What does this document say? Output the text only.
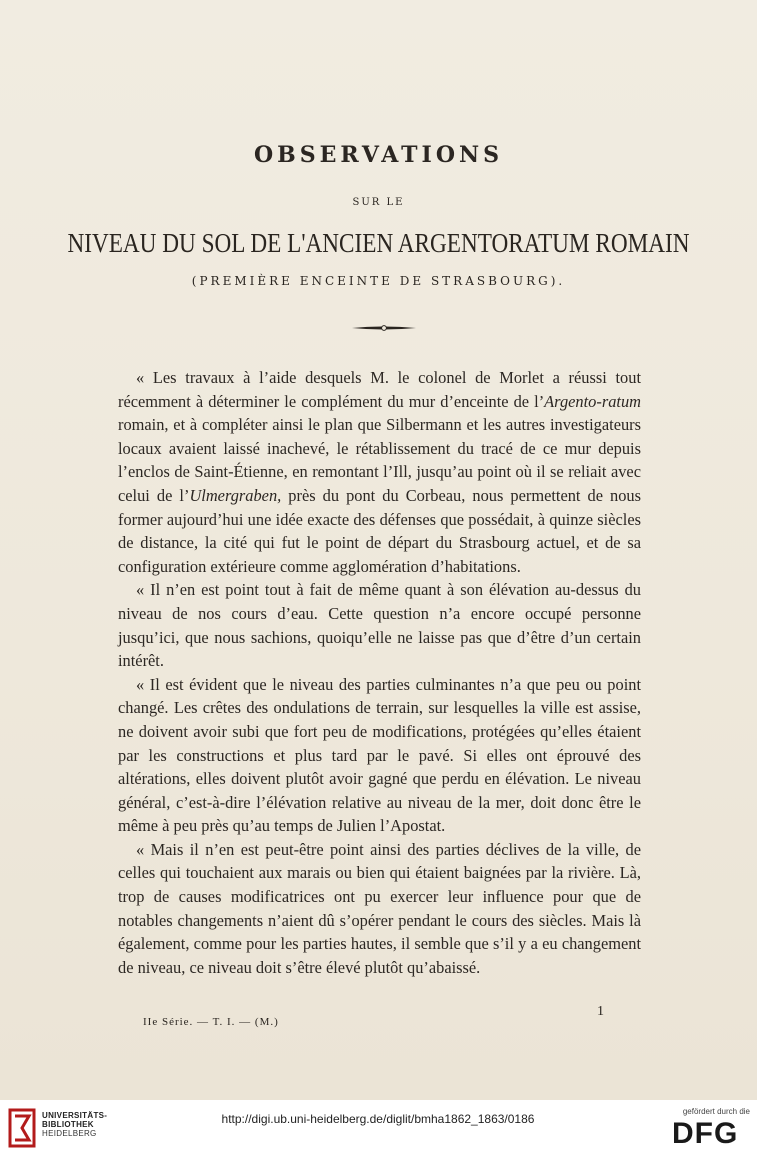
OBSERVATIONS
SUR LE
NIVEAU DU SOL DE L'ANCIEN ARGENTORATUM ROMAIN
(PREMIÈRE ENCEINTE DE STRASBOURG).

« Les travaux à l’aide desquels M. le colonel de Morlet a réussi tout récemment à déterminer le complément du mur d’enceinte de l’Argento-ratum romain, et à compléter ainsi le plan que Silbermann et les autres investigateurs locaux avaient laissé inachevé, le rétablissement du tracé de ce mur depuis l’enclos de Saint-Étienne, en remontant l’Ill, jusqu’au point où il se reliait avec celui de l’Ulmergraben, près du pont du Corbeau, nous permettent de nous former aujourd’hui une idée exacte des défenses que possédait, à quinze siècles de distance, la cité qui fut le point de départ du Strasbourg actuel, et de sa configuration extérieure comme agglomération d’habitations.

« Il n’en est point tout à fait de même quant à son élévation au-dessus du niveau de nos cours d’eau. Cette question n’a encore occupé personne jusqu’ici, que nous sachions, quoiqu’elle ne laisse pas que d’être d’un certain intérêt.

« Il est évident que le niveau des parties culminantes n’a que peu ou point changé. Les crêtes des ondulations de terrain, sur lesquelles la ville est assise, ne doivent avoir subi que fort peu de modifications, protégées qu’elles étaient par les constructions et plus tard par le pavé. Si elles ont éprouvé des altérations, elles doivent plutôt avoir gagné que perdu en élévation. Le niveau général, c’est-à-dire l’élévation relative au niveau de la mer, doit donc être le même à peu près qu’au temps de Julien l’Apostat.

« Mais il n’en est peut-être point ainsi des parties déclives de la ville, de celles qui touchaient aux marais ou bien qui étaient baignées par la rivière. Là, trop de causes modificatrices ont pu exercer leur influence pour que de notables changements n’aient dû s’opérer pendant le cours des siècles. Mais là également, comme pour les parties hautes, il semble que s’il y a eu changement de niveau, ce niveau doit s’être élevé plutôt qu’abaissé.

IIe Série. — T. I. — (M.)
1
UNIVERSITÄTS-
BIBLIOTHEK
HEIDELBERG
http://digi.ub.uni-heidelberg.de/diglit/bmha1862_1863/0186
gefördert durch die
DFG
